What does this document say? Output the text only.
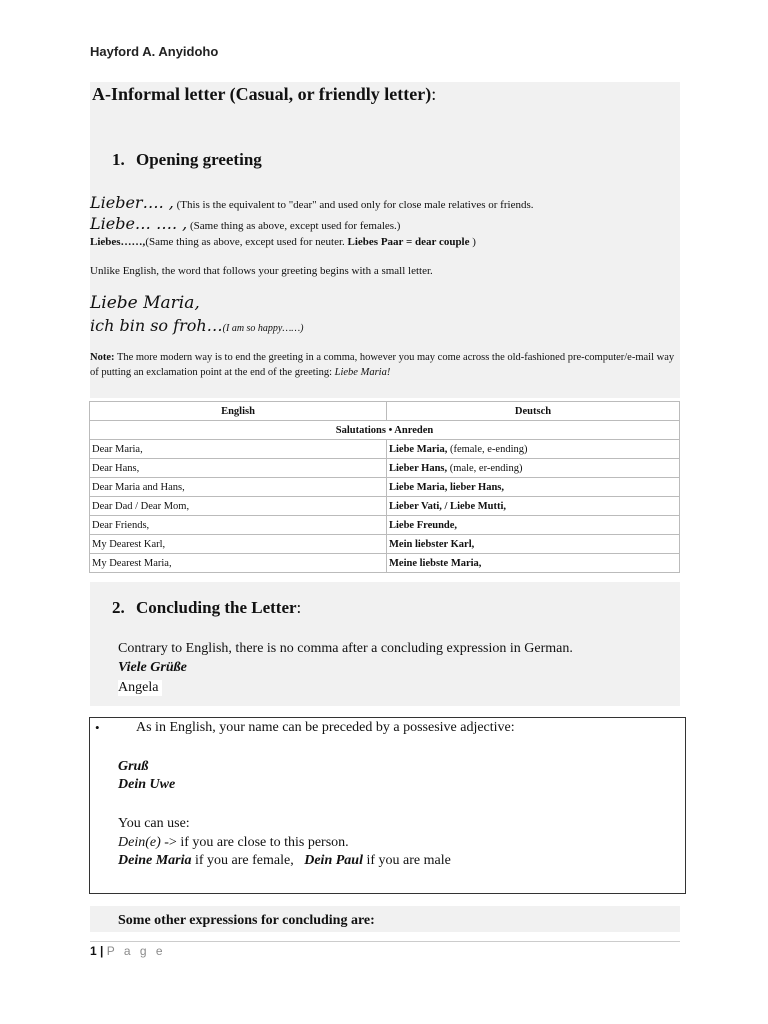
Hayford A. Anyidoho
A-Informal letter (Casual, or friendly letter):
1. Opening greeting
Lieber…. , (This is the equivalent to "dear" and used only for close male relatives or friends.
Liebe… …. , (Same thing as above, except used for females.)
Liebes……,(Same thing as above, except used for neuter. Liebes Paar = dear couple )
Unlike English, the word that follows your greeting begins with a small letter.
Liebe Maria,
ich bin so froh…(I am so happy……)
Note: The more modern way is to end the greeting in a comma, however you may come across the old-fashioned pre-computer/e-mail way of putting an exclamation point at the end of the greeting: Liebe Maria!
English	Deutsch
Salutations • Anreden	
Dear Maria,	Liebe Maria, (female, e-ending)
Dear Hans,	Lieber Hans, (male, er-ending)
Dear Maria and Hans,	Liebe Maria, lieber Hans,
Dear Dad / Dear Mom,	Lieber Vati, / Liebe Mutti,
Dear Friends,	Liebe Freunde,
My Dearest Karl,	Mein liebster Karl,
My Dearest Maria,	Meine liebste Maria,
2. Concluding the Letter:
Contrary to English, there is no comma after a concluding expression in German.
Viele Grüße
Angela
•	As in English, your name can be preceded by a possesive adjective:
Gruß
Dein Uwe
You can use:
Dein(e) -> if you are close to this person.
Deine Maria if you are female, Dein Paul if you are male
Some other expressions for concluding are:
1 | P a g e
